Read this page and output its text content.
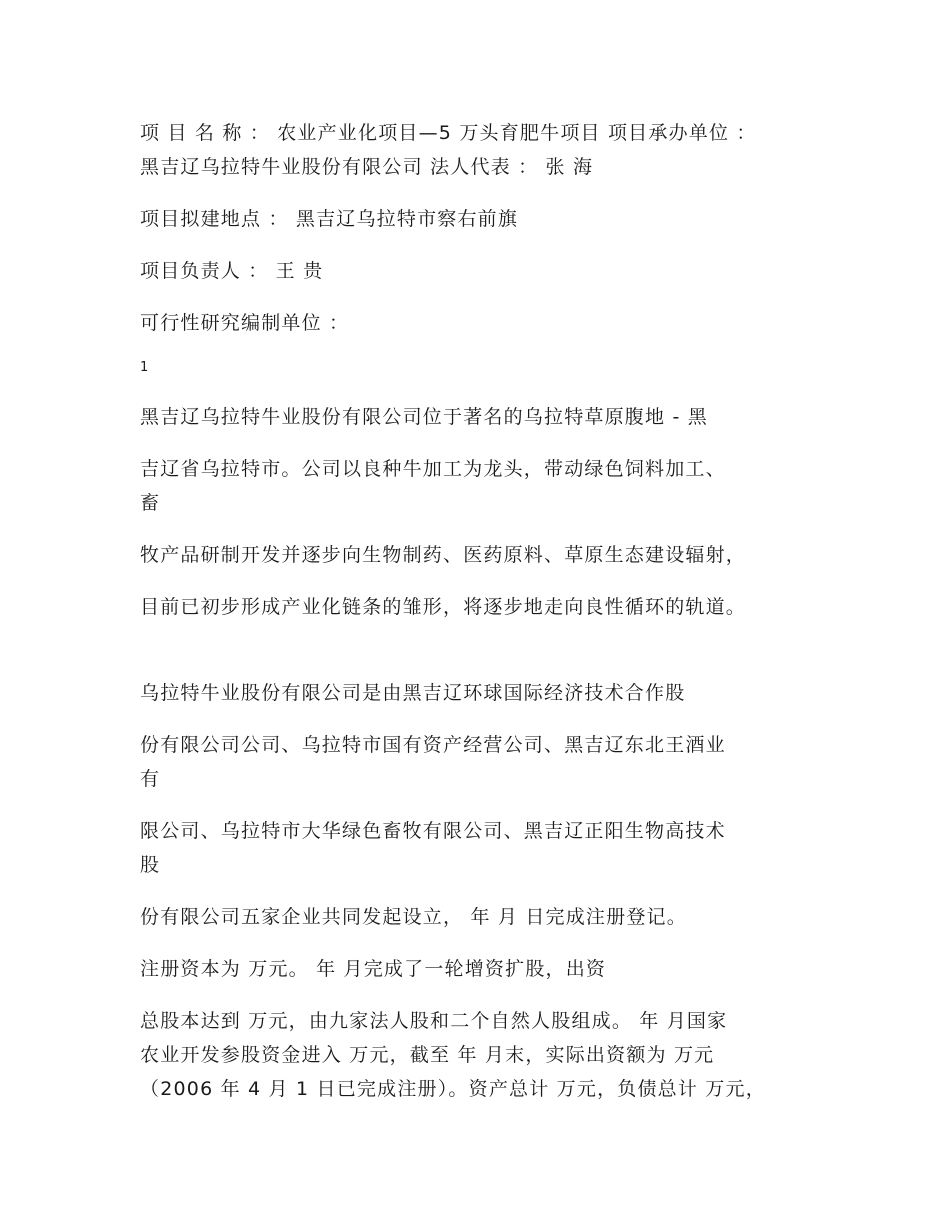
项 目 名 称 ： 农业产业化项目—5 万头育肥牛项目 项目承办单位 ：
黑吉辽乌拉特牛业股份有限公司 法人代表 ： 张 海
项目拟建地点 ： 黑吉辽乌拉特市察右前旗
项目负责人 ： 王 贵
可行性研究编制单位 ：
1
黑吉辽乌拉特牛业股份有限公司位于著名的乌拉特草原腹地 - 黑
吉辽省乌拉特市。公司以良种牛加工为龙头，带动绿色饲料加工、
畜
牧产品研制开发并逐步向生物制药、医药原料、草原生态建设辐射，
目前已初步形成产业化链条的雏形，将逐步地走向良性循环的轨道。
乌拉特牛业股份有限公司是由黑吉辽环球国际经济技术合作股
份有限公司公司、乌拉特市国有资产经营公司、黑吉辽东北王酒业
有
限公司、乌拉特市大华绿色畜牧有限公司、黑吉辽正阳生物高技术
股
份有限公司五家企业共同发起设立， 年 月 日完成注册登记。
注册资本为 万元。 年 月完成了一轮增资扩股，出资
总股本达到 万元，由九家法人股和二个自然人股组成。 年 月国家
农业开发参股资金进入 万元，截至 年 月末，实际出资额为 万元
（2006 年 4 月 1 日已完成注册）。资产总计 万元，负债总计 万元，
